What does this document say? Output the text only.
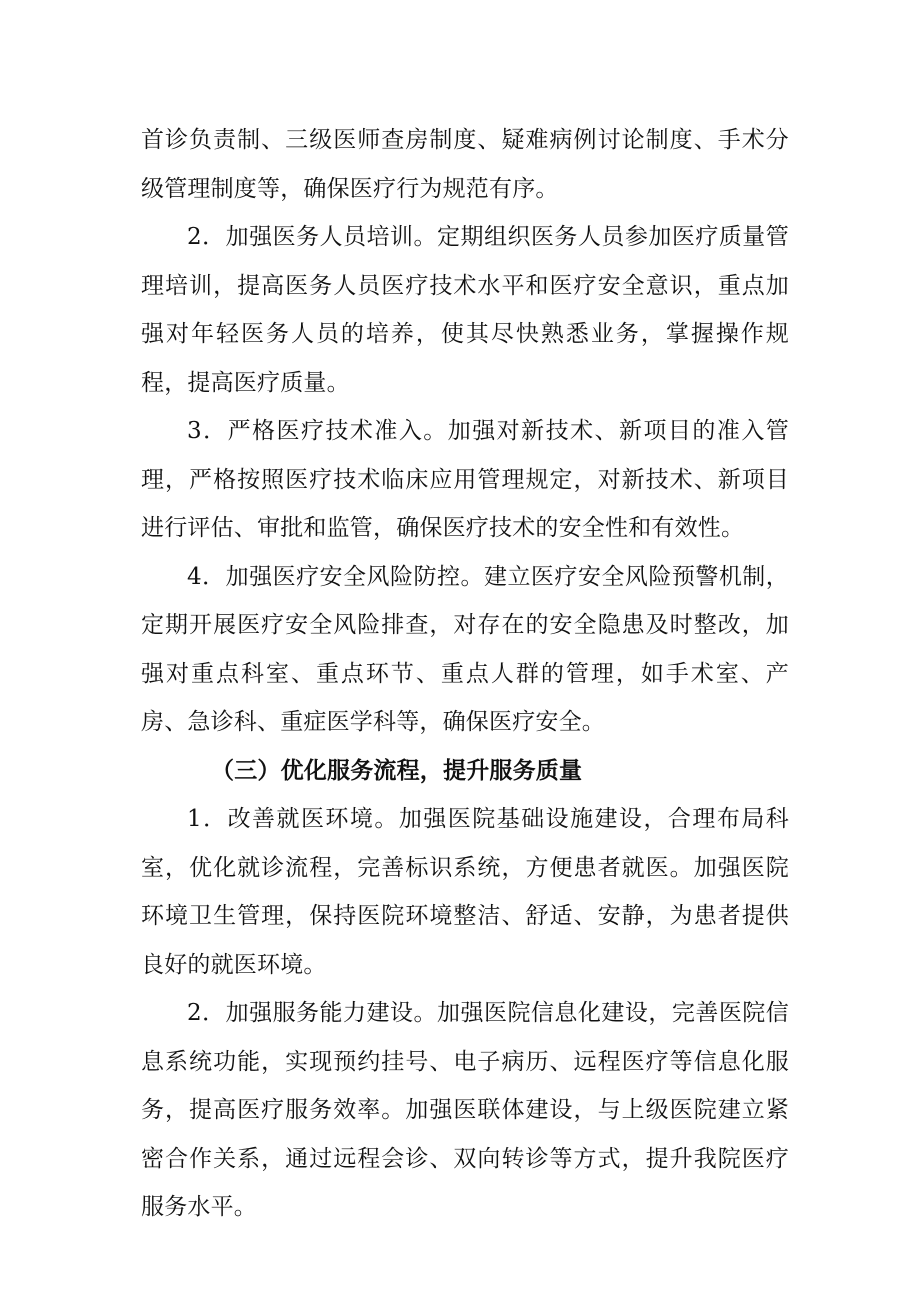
首诊负责制、三级医师查房制度、疑难病例讨论制度、手术分级管理制度等，确保医疗行为规范有序。

2．加强医务人员培训。定期组织医务人员参加医疗质量管理培训，提高医务人员医疗技术水平和医疗安全意识，重点加强对年轻医务人员的培养，使其尽快熟悉业务，掌握操作规程，提高医疗质量。

3．严格医疗技术准入。加强对新技术、新项目的准入管理，严格按照医疗技术临床应用管理规定，对新技术、新项目进行评估、审批和监管，确保医疗技术的安全性和有效性。

4．加强医疗安全风险防控。建立医疗安全风险预警机制，定期开展医疗安全风险排查，对存在的安全隐患及时整改，加强对重点科室、重点环节、重点人群的管理，如手术室、产房、急诊科、重症医学科等，确保医疗安全。

（三）优化服务流程，提升服务质量

1．改善就医环境。加强医院基础设施建设，合理布局科室，优化就诊流程，完善标识系统，方便患者就医。加强医院环境卫生管理，保持医院环境整洁、舒适、安静，为患者提供良好的就医环境。

2．加强服务能力建设。加强医院信息化建设，完善医院信息系统功能，实现预约挂号、电子病历、远程医疗等信息化服务，提高医疗服务效率。加强医联体建设，与上级医院建立紧密合作关系，通过远程会诊、双向转诊等方式，提升我院医疗服务水平。
